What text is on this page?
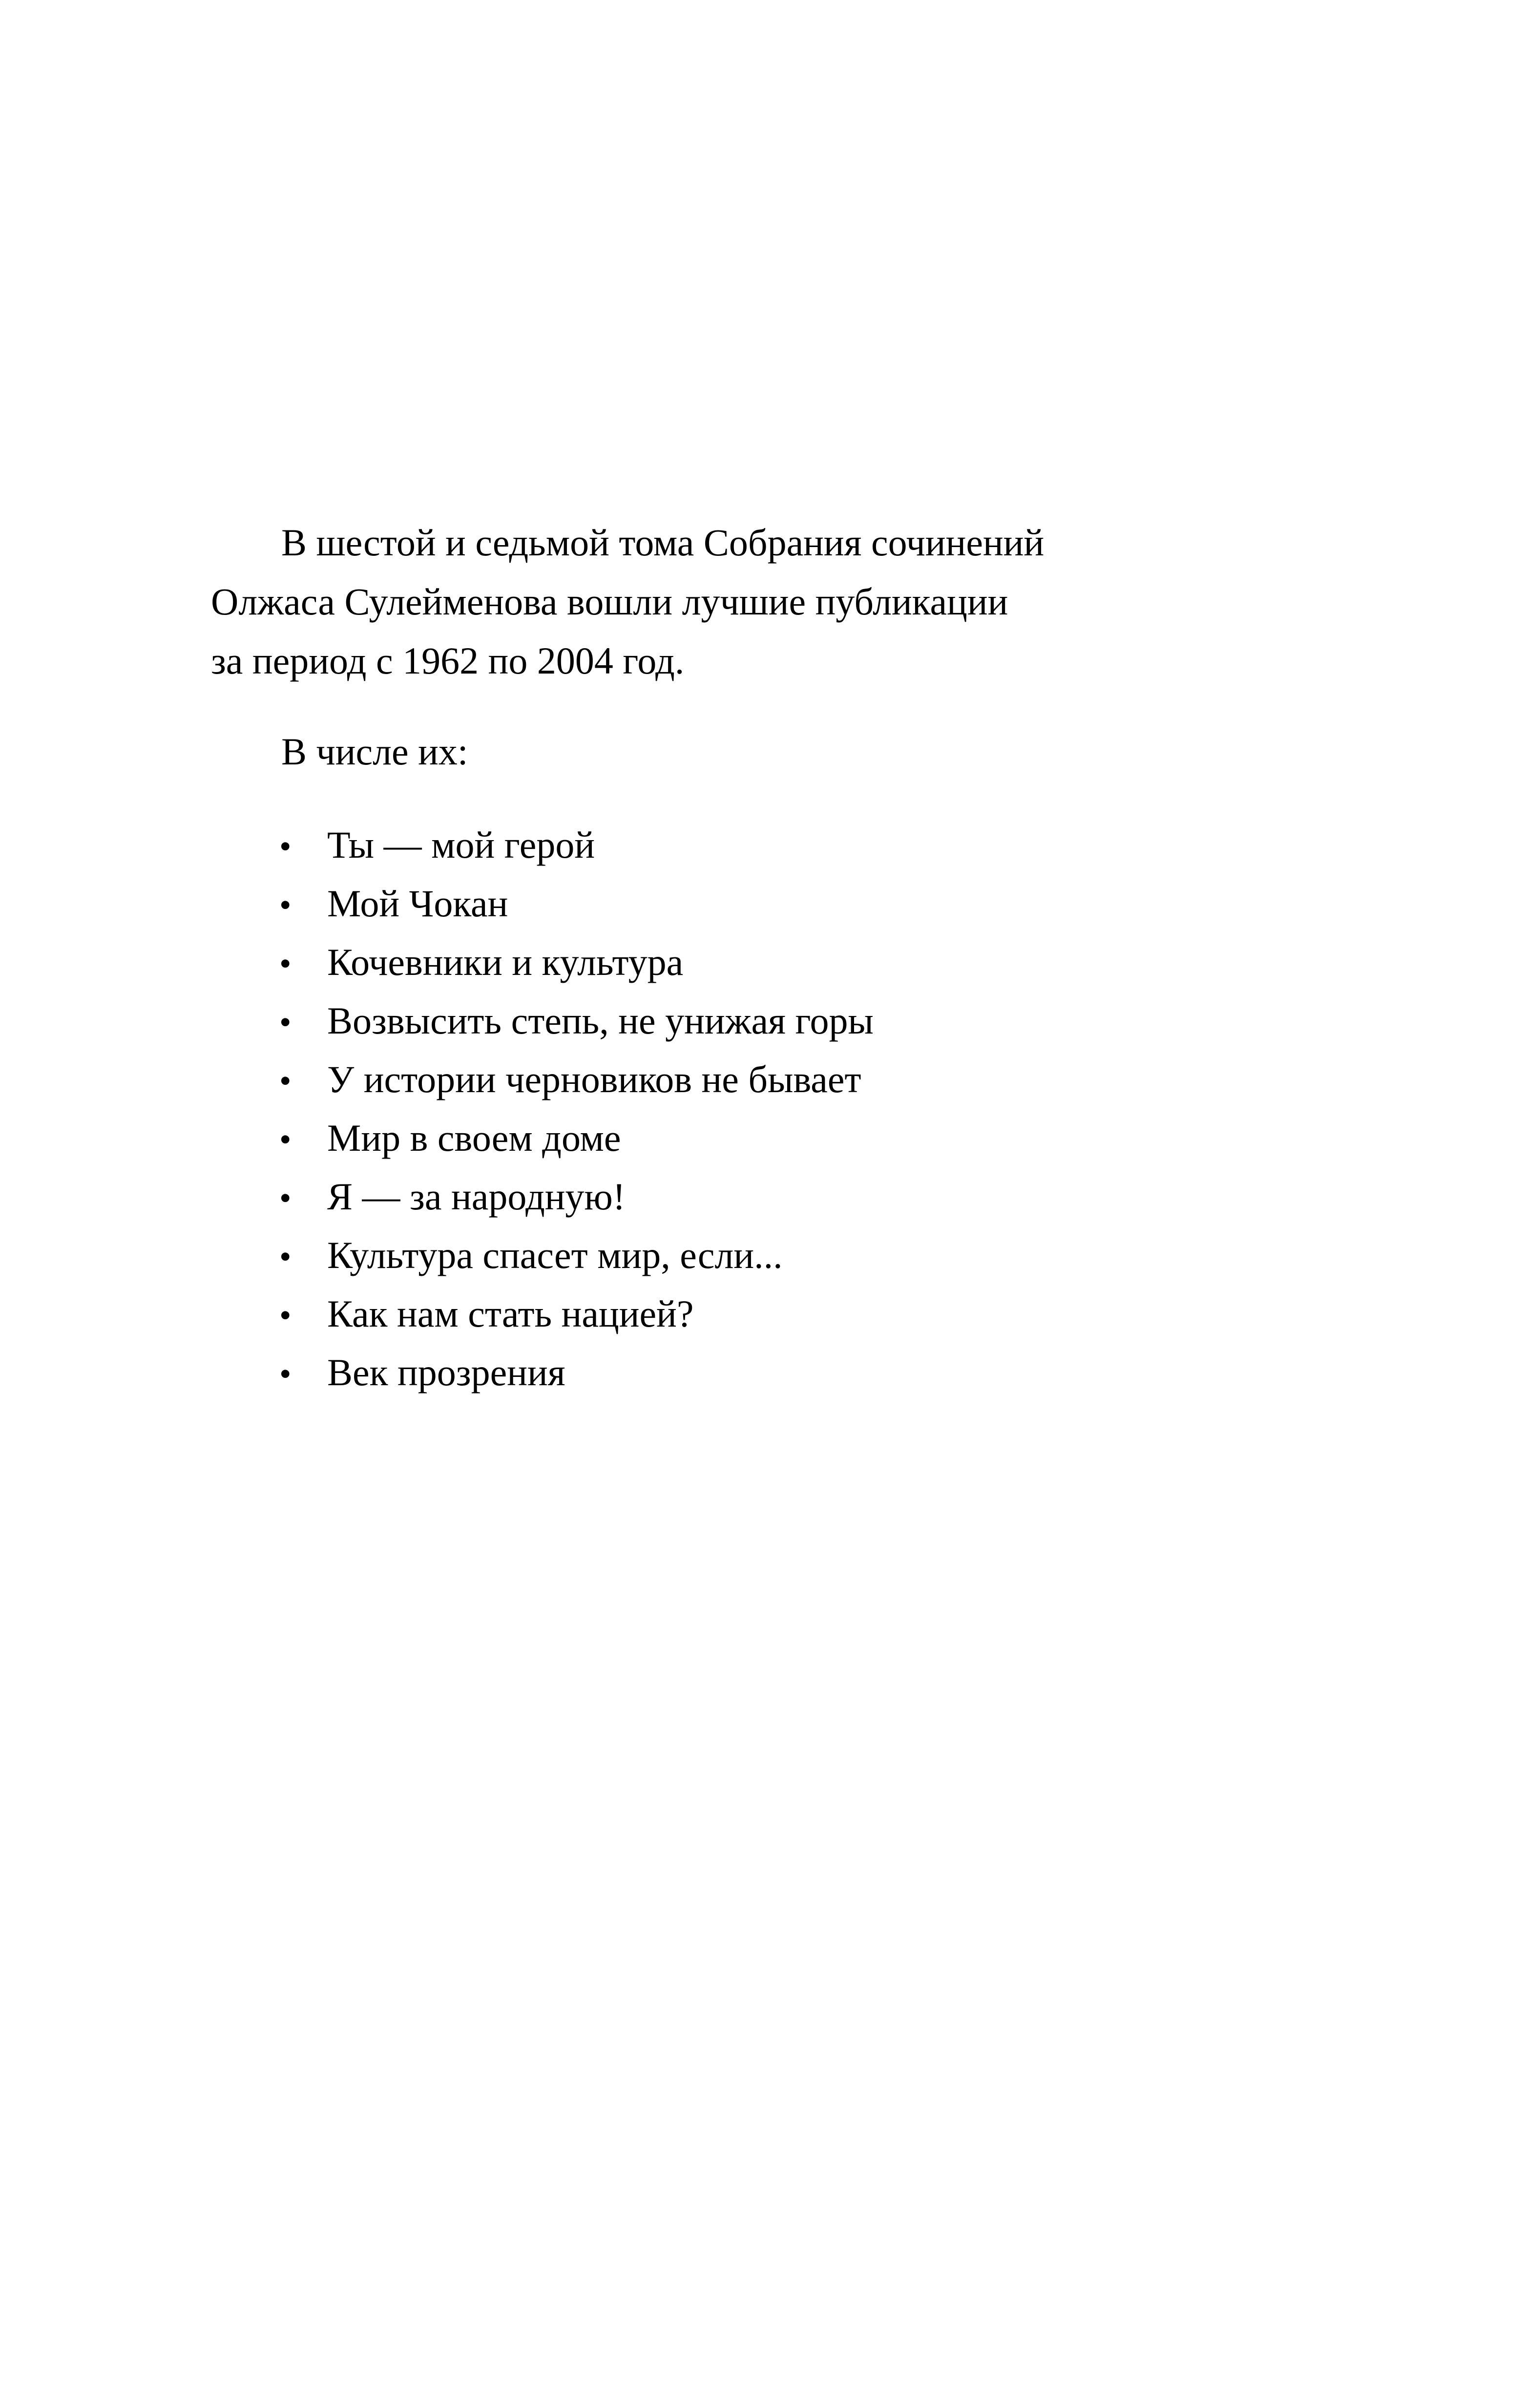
В шестой и седьмой тома Собрания сочинений
Олжаса Сулейменова вошли лучшие публикации
за период с 1962 по 2004 год.

В числе их:

• Ты — мой герой
• Мой Чокан
• Кочевники и культура
• Возвысить степь, не унижая горы
• У истории черновиков не бывает
• Мир в своем доме
• Я — за народную!
• Культура спасет мир, если...
• Как нам стать нацией?
• Век прозрения
